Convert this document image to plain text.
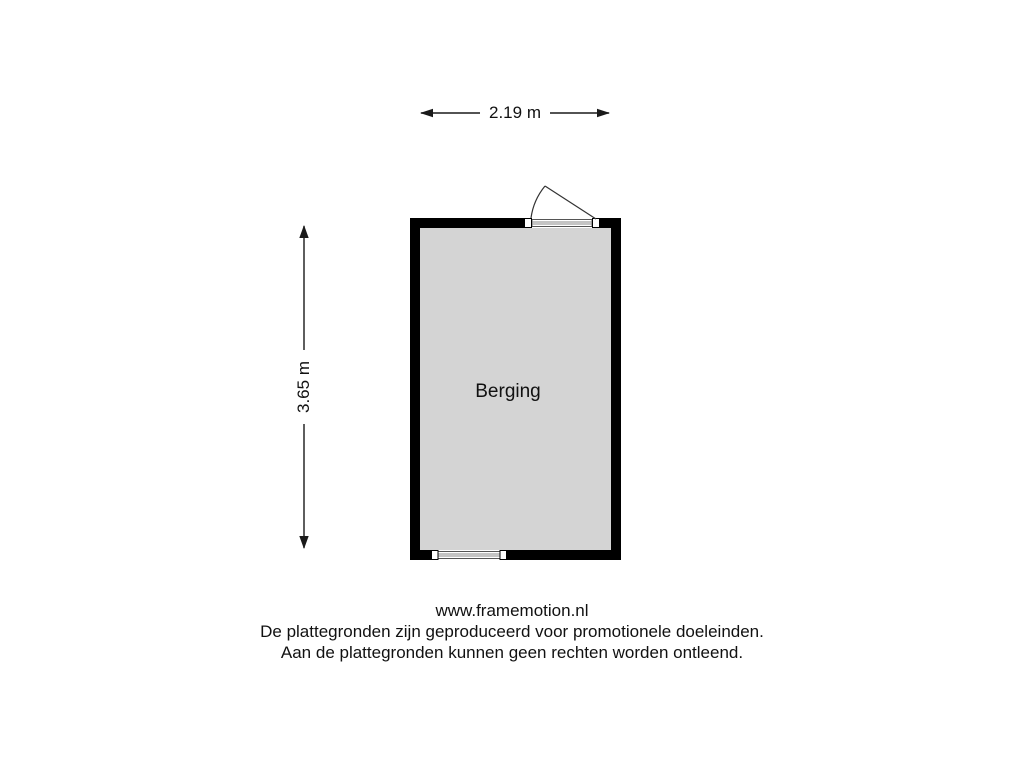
2.19 m
3.65 m	Berging
www.framemotion.nl
De plattegronden zijn geproduceerd voor promotionele doeleinden.
Aan de plattegronden kunnen geen rechten worden ontleend.
